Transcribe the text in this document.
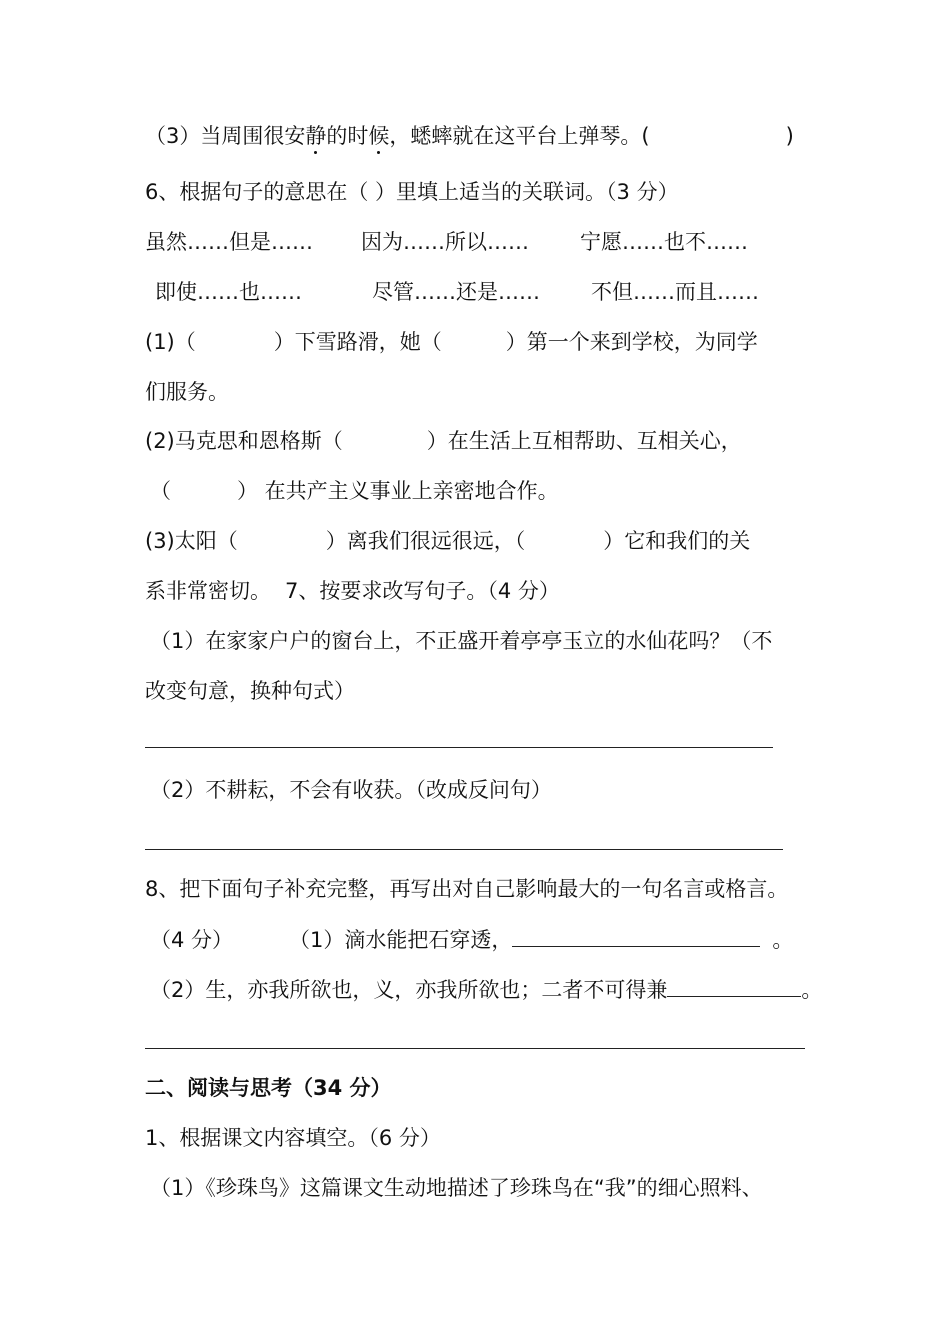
（3）当周围很安静的时候，蟋蟀就在这平台上弹琴。(	)
6、根据句子的意思在（ ）里填上适当的关联词。（3 分）
虽然……但是…… 因为……所以…… 宁愿……也不……
即使……也……	尽管……还是…… 不但……而且……
(1)（	）下雪路滑，她（	）第一个来到学校，为同学
们服务。
(2)马克思和恩格斯（	）在生活上互相帮助、互相关心，
（	） 在共产主义事业上亲密地合作。
(3)太阳（	）离我们很远很远，（	）它和我们的关
系非常密切。 7、按要求改写句子。（4 分）
（1）在家家户户的窗台上，不正盛开着亭亭玉立的水仙花吗？（不
改变句意，换种句式）
（2）不耕耘，不会有收获。（改成反问句）
8、把下面句子补充完整，再写出对自己影响最大的一句名言或格言。
（4 分）	（1）滴水能把石穿透，	。
（2）生，亦我所欲也，义，亦我所欲也；二者不可得兼	。
二、阅读与思考（34 分）
1、根据课文内容填空。（6 分）
（1）《珍珠鸟》这篇课文生动地描述了珍珠鸟在“我”的细心照料、
